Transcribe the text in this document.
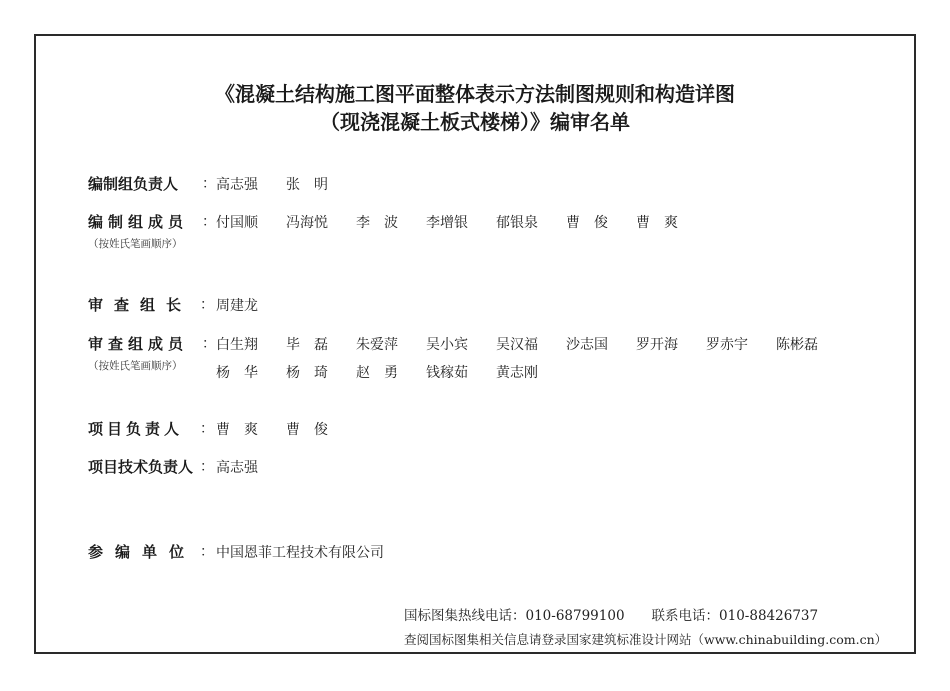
《混凝土结构施工图平面整体表示方法制图规则和构造详图
（现浇混凝土板式楼梯）》编审名单
编制组负责人 ： 高志强 张　明
编制组成员 ：
（按姓氏笔画顺序）
付国顺 冯海悦 李　波 李增银 郁银泉 曹　俊 曹　爽
审查组长 ： 周建龙
审查组成员 ：
（按姓氏笔画顺序）
白生翔 毕　磊 朱爱萍 吴小宾 吴汉福 沙志国 罗开海 罗赤宇 陈彬磊
杨　华 杨　琦 赵　勇 钱稼茹 黄志刚
项目负责人 ： 曹　爽 曹　俊
项目技术负责人 ： 高志强
参编单位 ： 中国恩菲工程技术有限公司
国标图集热线电话：010-68799100　　联系电话：010-88426737
查阅国标图集相关信息请登录国家建筑标准设计网站（www.chinabuilding.com.cn）
